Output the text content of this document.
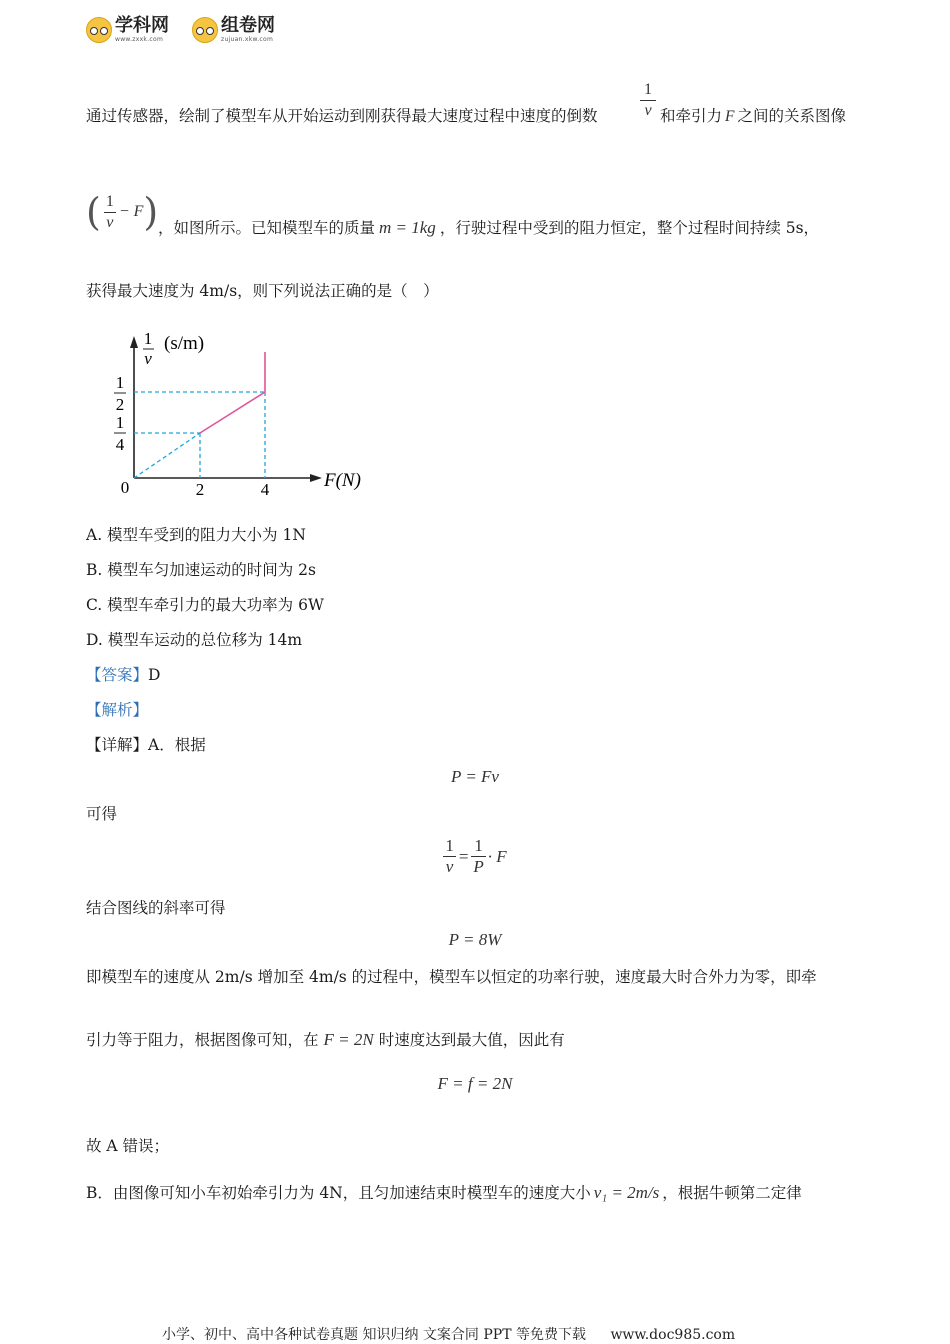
学科网
www.zxxk.com
组卷网
zujuan.xkw.com
通过传感器，绘制了模型车从开始运动到刚获得最大速度过程中速度的倒数
1
v 和牵引力 F 之间的关系图像
( $\frac{1}{v} - F$ ) ，如图所示。已知模型车的质量 m = 1kg ，行驶过程中受到的阻力恒定，整个过程时间持续 5s，
获得最大速度为 4m/s，则下列说法正确的是（　）
1
v
(s/m)
1
2
1
4
0	2	4	F(N)
A. 模型车受到的阻力大小为 1N
B. 模型车匀加速运动的时间为 2s
C. 模型车牵引力的最大功率为 6W
D. 模型车运动的总位移为 14m
【答案】D
【解析】
【详解】A．根据
P = Fv
可得
$\frac{1}{v} = \frac{1}{P} \cdot F$
结合图线的斜率可得
P = 8W
即模型车的速度从 2m/s 增加至 4m/s 的过程中，模型车以恒定的功率行驶，速度最大时合外力为零，即牵
引力等于阻力，根据图像可知，在 F = 2N 时速度达到最大值，因此有
F = f = 2N
故 A 错误；
B．由图像可知小车初始牵引力为 4N，且匀加速结束时模型车的速度大小 v₁ = 2m/s ，根据牛顿第二定律
小学、初中、高中各种试卷真题 知识归纳 文案合同 PPT 等免费下载 www.doc985.com
